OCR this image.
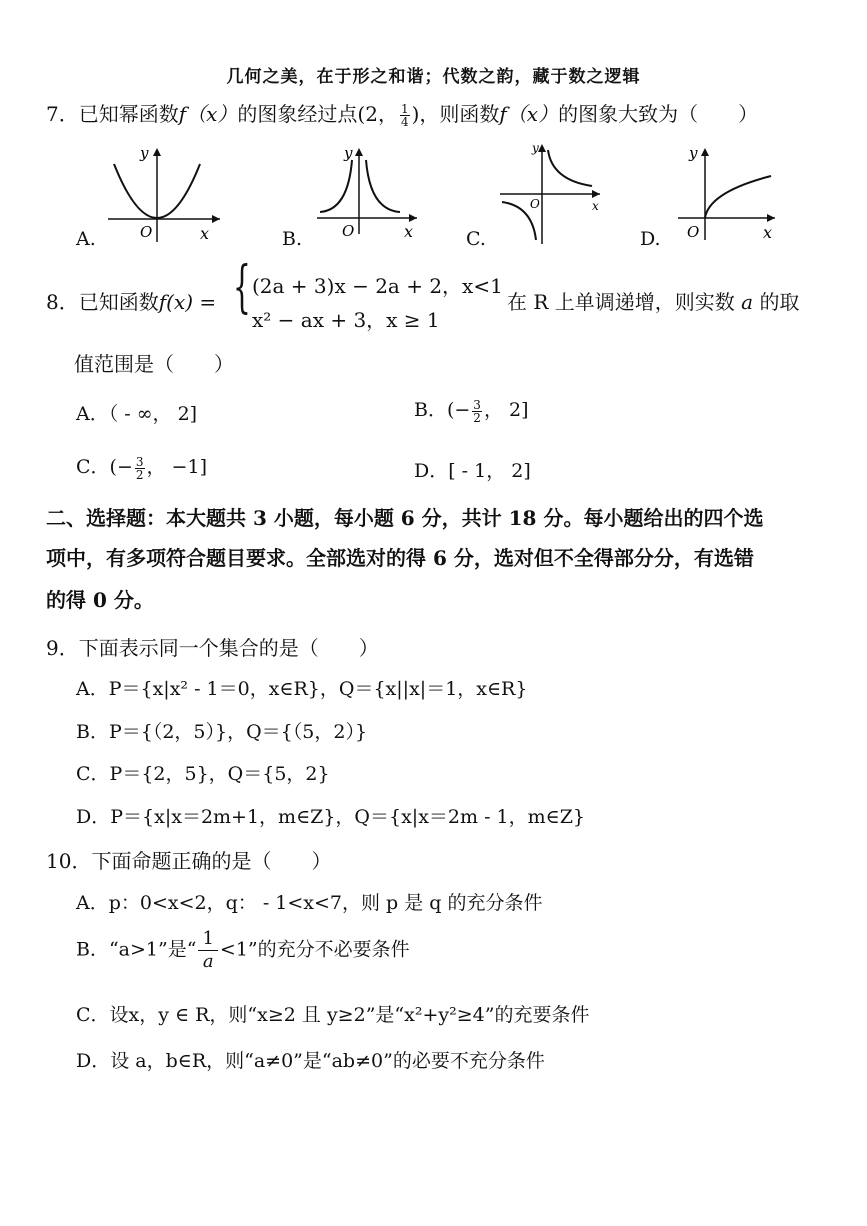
几何之美，在于形之和谐；代数之韵，藏于数之逻辑
7．已知幂函数f（x）的图象经过点(2， $\frac{1}{4}$ )，则函数f（x）的图象大致为（　　）
y
x
O
A.
y
x
O
B.
y
x
O
C.
y
x
O
D.
8．已知函数f(x) = { (2a + 3)x − 2a + 2，x<1
x² − ax + 3，x ≥ 1
在 R 上单调递增，则实数 a 的取
值范围是（　　）
A．（ - ∞， 2]	B．(− $\frac{3}{2}$ ， 2]
C．(− $\frac{3}{2}$ ， −1]	D．[ - 1， 2]
二、选择题：本大题共 3 小题，每小题 6 分，共计 18 分。每小题给出的四个选
项中，有多项符合题目要求。全部选对的得 6 分，选对但不全得部分分，有选错
的得 0 分。
9．下面表示同一个集合的是（　　）
A．P＝{x|x² - 1＝0，x∈R}，Q＝{x||x|＝1，x∈R}
B．P＝{（2，5）}，Q＝{（5，2）}
C．P＝{2，5}，Q＝{5，2}
D．P＝{x|x＝2m+1，m∈Z}，Q＝{x|x＝2m - 1，m∈Z}
10．下面命题正确的是（　　）
A．p：0<x<2，q： - 1<x<7，则 p 是 q 的充分条件
B．“a>1”是“ $\frac{1}{a} <1$”的充分不必要条件
C．设x，y ∈ R，则“x≥2 且 y≥2”是“x²+y²≥4”的充要条件
D．设 a，b∈R，则“a≠0”是“ab≠0”的必要不充分条件
